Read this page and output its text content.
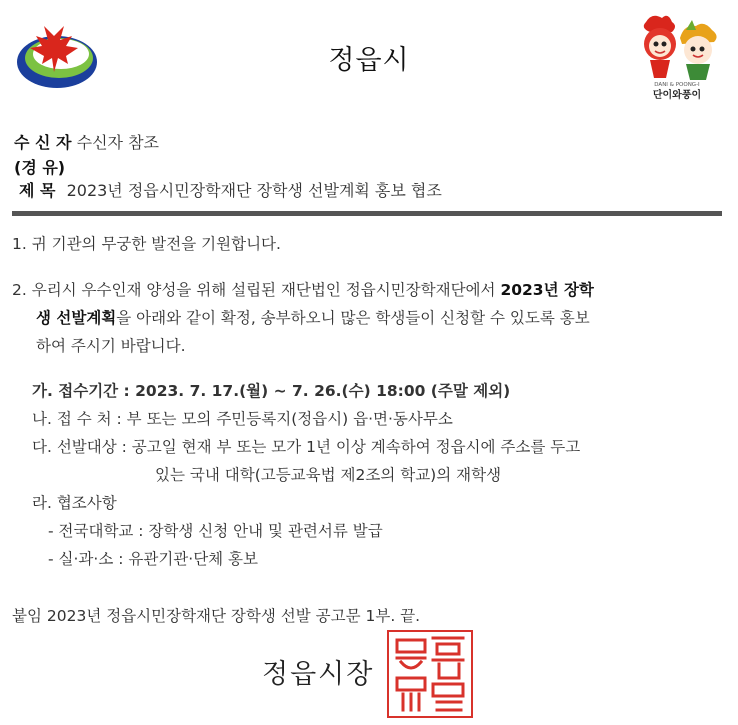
정읍시
DANI & POONG-I
단이와풍이
수 신 자 수신자 참조
(경 유)
제 목 2023년 정읍시민장학재단 장학생 선발계획 홍보 협조
1. 귀 기관의 무궁한 발전을 기원합니다.
2. 우리시 우수인재 양성을 위해 설립된 재단법인 정읍시민장학재단에서 2023년 장학
생 선발계획을 아래와 같이 확정, 송부하오니 많은 학생들이 신청할 수 있도록 홍보
하여 주시기 바랍니다.
가. 접수기간 : 2023. 7. 17.(월) ~ 7. 26.(수) 18:00 (주말 제외)
나. 접 수 처 : 부 또는 모의 주민등록지(정읍시) 읍·면·동사무소
다. 선발대상 : 공고일 현재 부 또는 모가 1년 이상 계속하여 정읍시에 주소를 두고
있는 국내 대학(고등교육법 제2조의 학교)의 재학생
라. 협조사항
- 전국대학교 : 장학생 신청 안내 및 관련서류 발급
- 실·과·소 : 유관기관·단체 홍보
붙임 2023년 정읍시민장학재단 장학생 선발 공고문 1부. 끝.
정읍시장
